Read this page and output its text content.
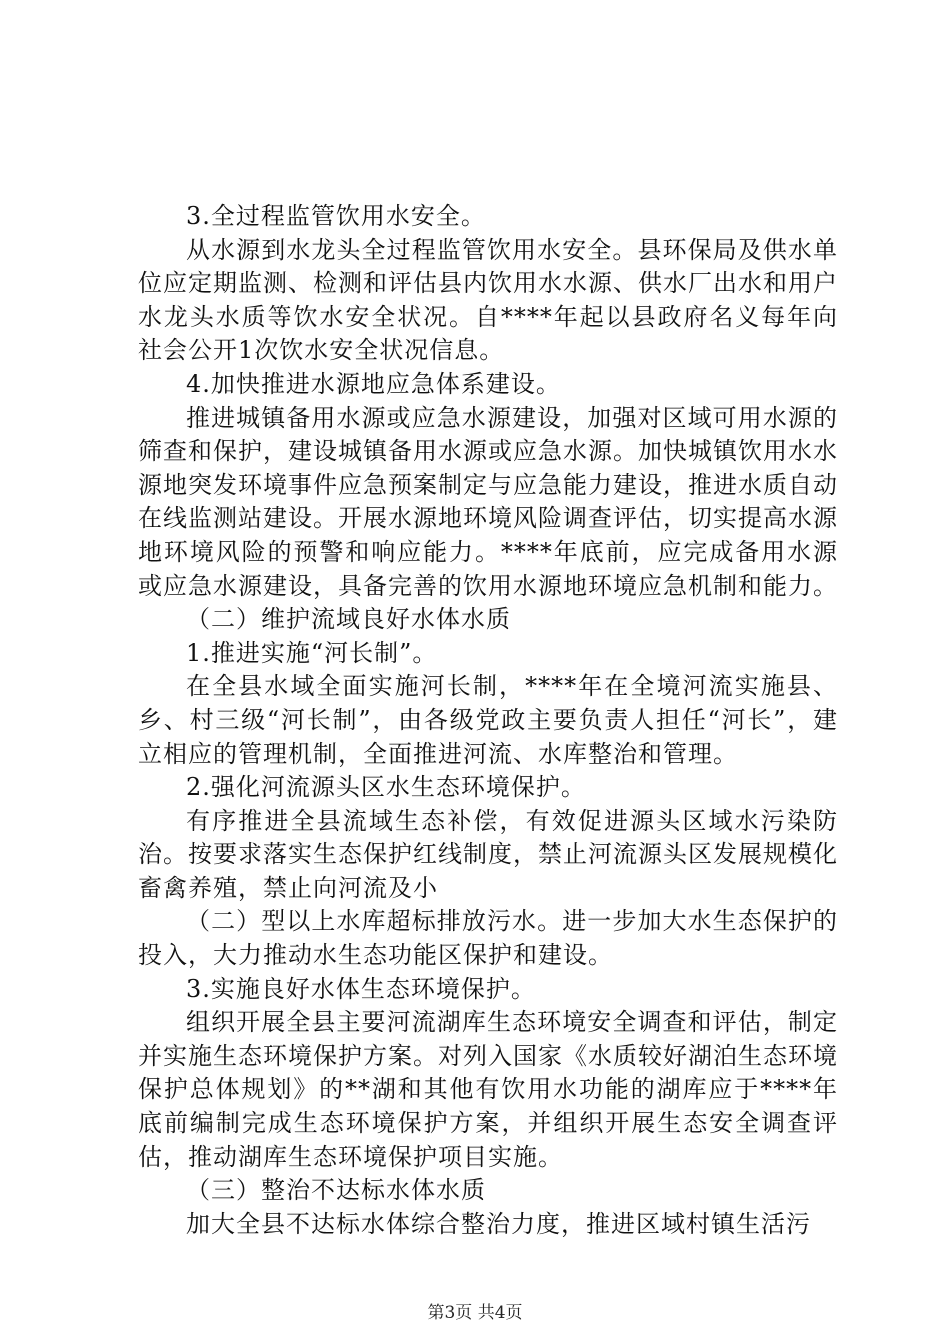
3.全过程监管饮用水安全。

从水源到水龙头全过程监管饮用水安全。县环保局及供水单位应定期监测、检测和评估县内饮用水水源、供水厂出水和用户水龙头水质等饮水安全状况。自****年起以县政府名义每年向社会公开1次饮水安全状况信息。

4.加快推进水源地应急体系建设。

推进城镇备用水源或应急水源建设，加强对区域可用水源的筛查和保护，建设城镇备用水源或应急水源。加快城镇饮用水水源地突发环境事件应急预案制定与应急能力建设，推进水质自动在线监测站建设。开展水源地环境风险调查评估，切实提高水源地环境风险的预警和响应能力。****年底前，应完成备用水源或应急水源建设，具备完善的饮用水源地环境应急机制和能力。

（二）维护流域良好水体水质

1.推进实施“河长制”。

在全县水域全面实施河长制，****年在全境河流实施县、乡、村三级“河长制”，由各级党政主要负责人担任“河长”，建立相应的管理机制，全面推进河流、水库整治和管理。

2.强化河流源头区水生态环境保护。

有序推进全县流域生态补偿，有效促进源头区域水污染防治。按要求落实生态保护红线制度，禁止河流源头区发展规模化畜禽养殖，禁止向河流及小

（二）型以上水库超标排放污水。进一步加大水生态保护的投入，大力推动水生态功能区保护和建设。

3.实施良好水体生态环境保护。

组织开展全县主要河流湖库生态环境安全调查和评估，制定并实施生态环境保护方案。对列入国家《水质较好湖泊生态环境保护总体规划》的**湖和其他有饮用水功能的湖库应于****年底前编制完成生态环境保护方案，并组织开展生态安全调查评估，推动湖库生态环境保护项目实施。

（三）整治不达标水体水质

加大全县不达标水体综合整治力度，推进区域村镇生活污

第3页 共4页
